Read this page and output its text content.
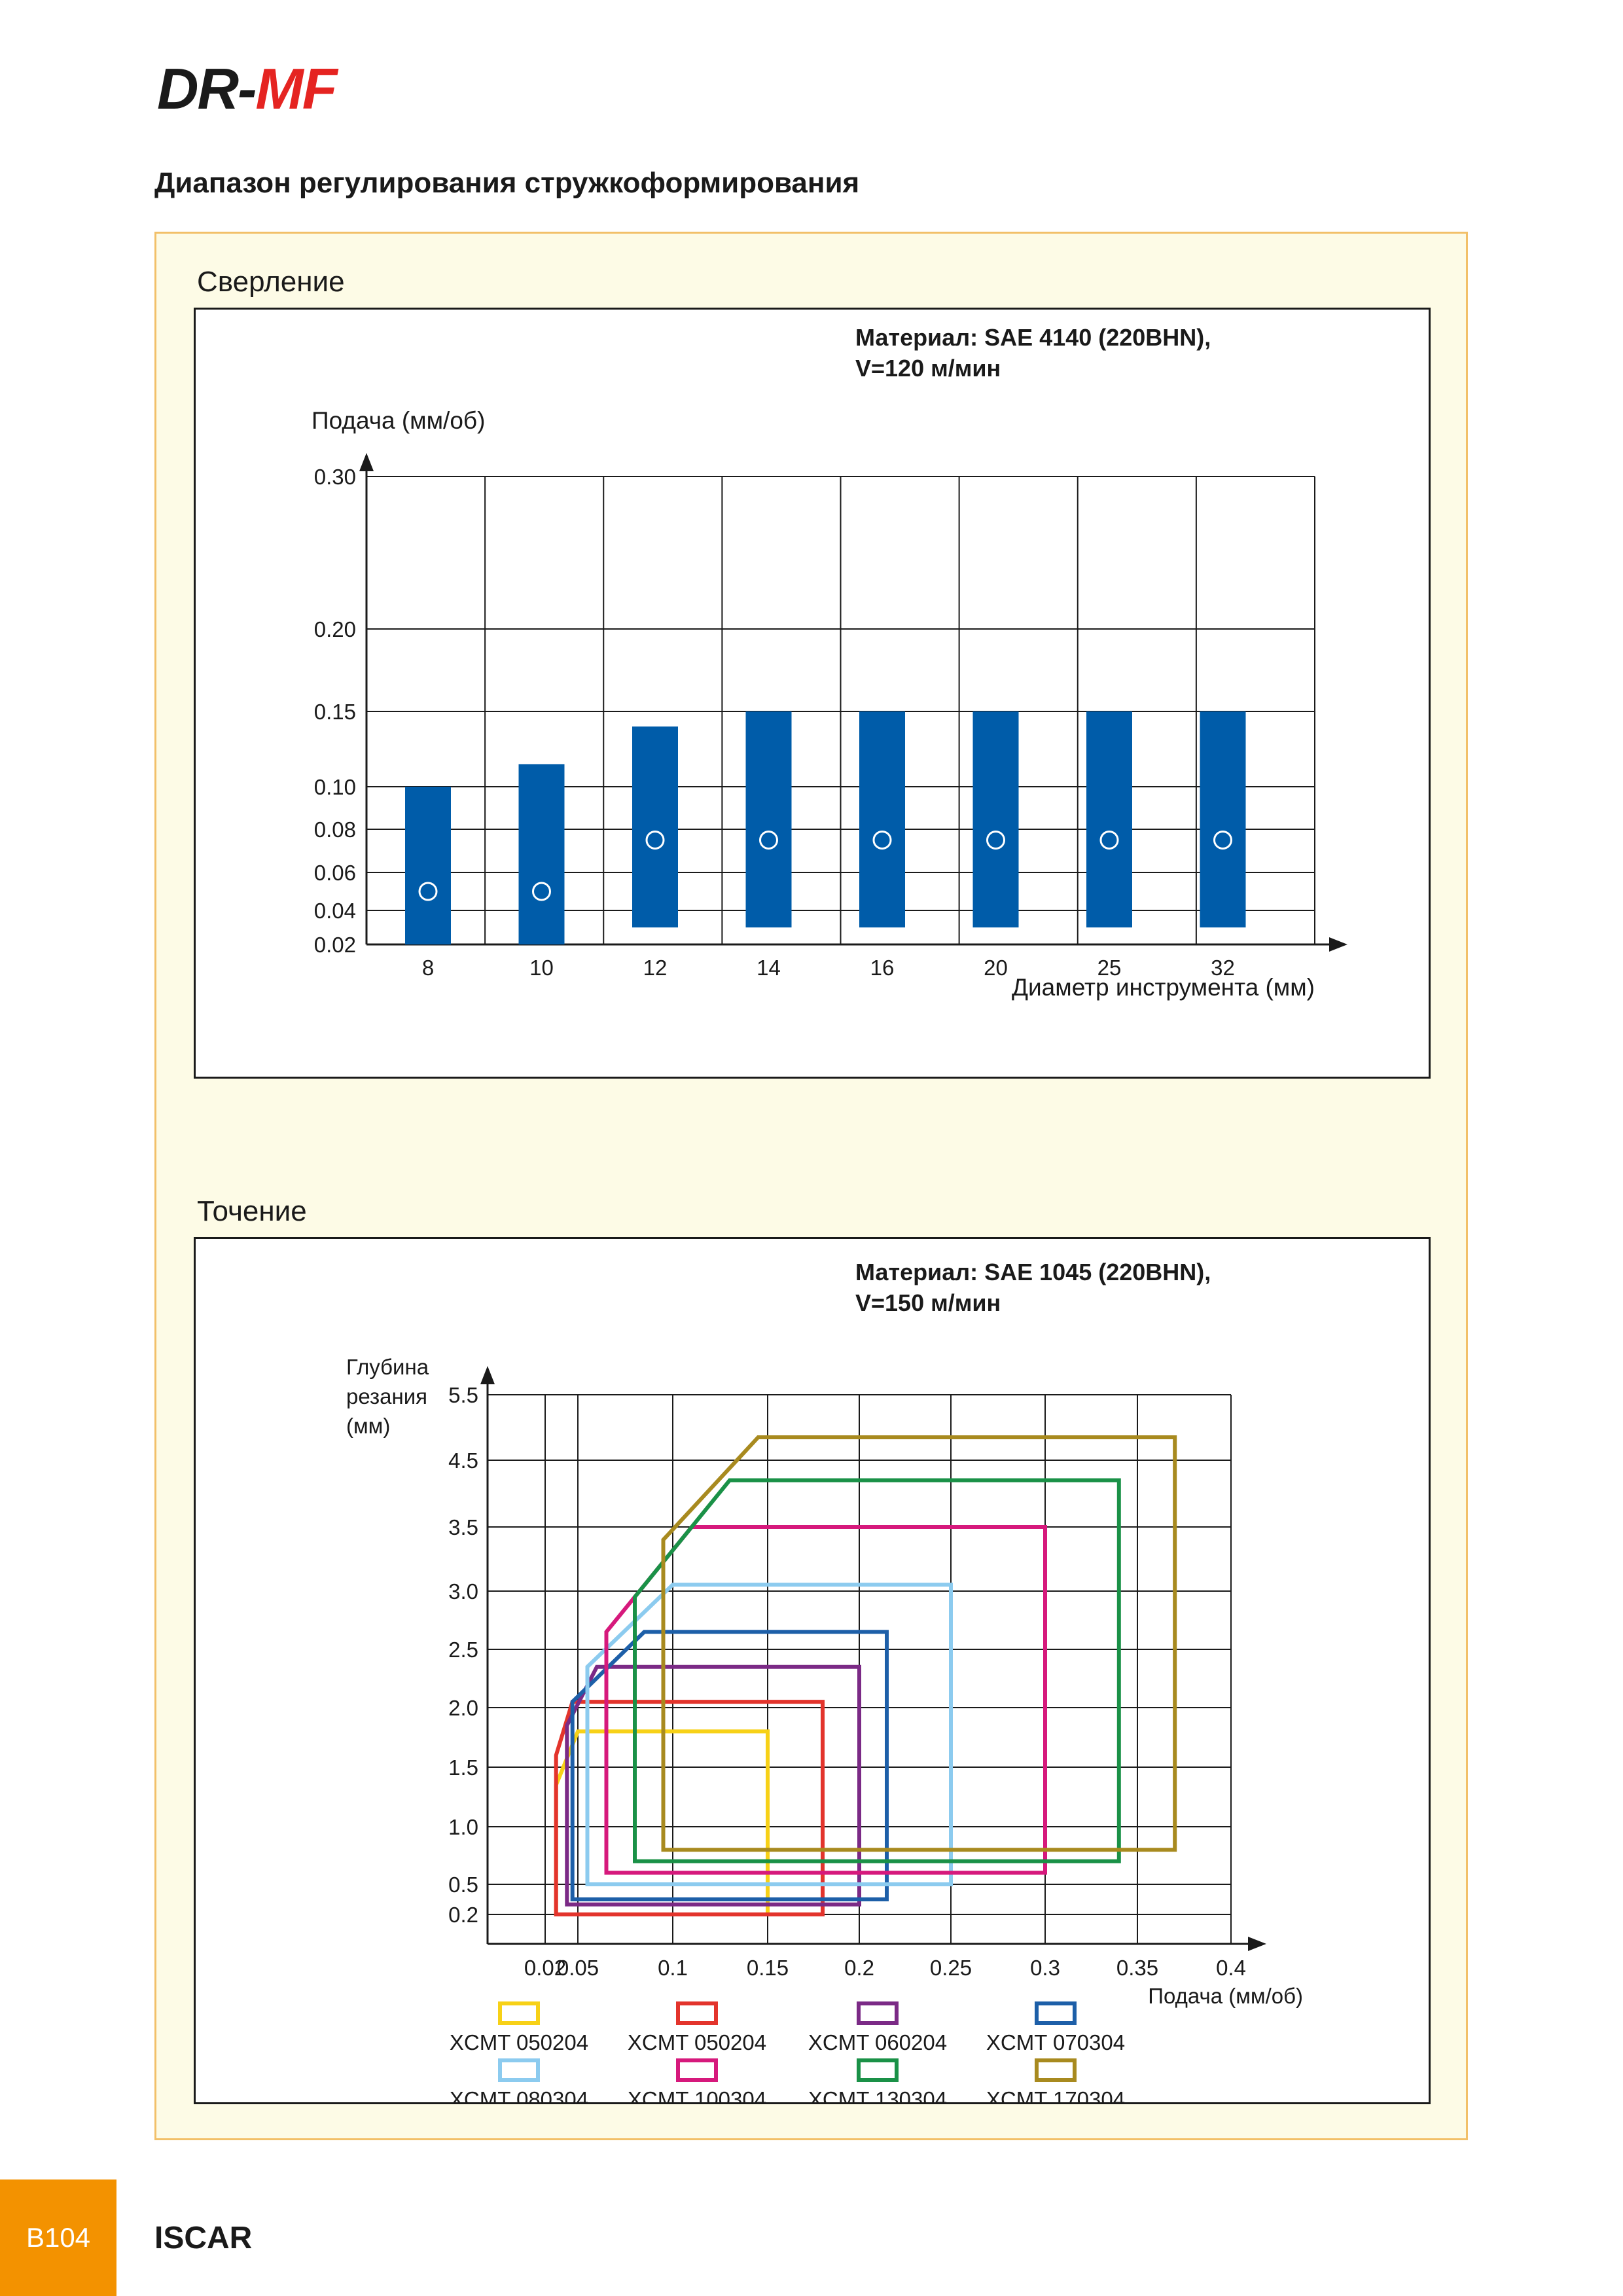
DR-MF
Диапазон регулирования стружкоформирования
Сверление
Материал: SAE 4140 (220BHN),
V=120 м/мин
0.30
0.20
0.15
0.10
0.08
0.06
0.04
0.02
Подача (мм/об)
8	10	12	14	16	20	25	32
Диаметр инструмента (мм)
Точение
Материал: SAE 1045 (220BHN),
V=150 м/мин
5.5
4.5
3.5
3.0
2.5
2.0
1.5
1.0
0.5
0.2
0.02
0.05	0.1	0.15	0.2	0.25	0.3	0.35	0.4
Глубина
резания
(мм)
Подача (мм/об)
XCMT 050204 XCMT 050204 XCMT 060204 XCMT 070304
XCMT 080304 XCMT 100304 XCMT 130304 XCMT 170304
B104	ISCAR
